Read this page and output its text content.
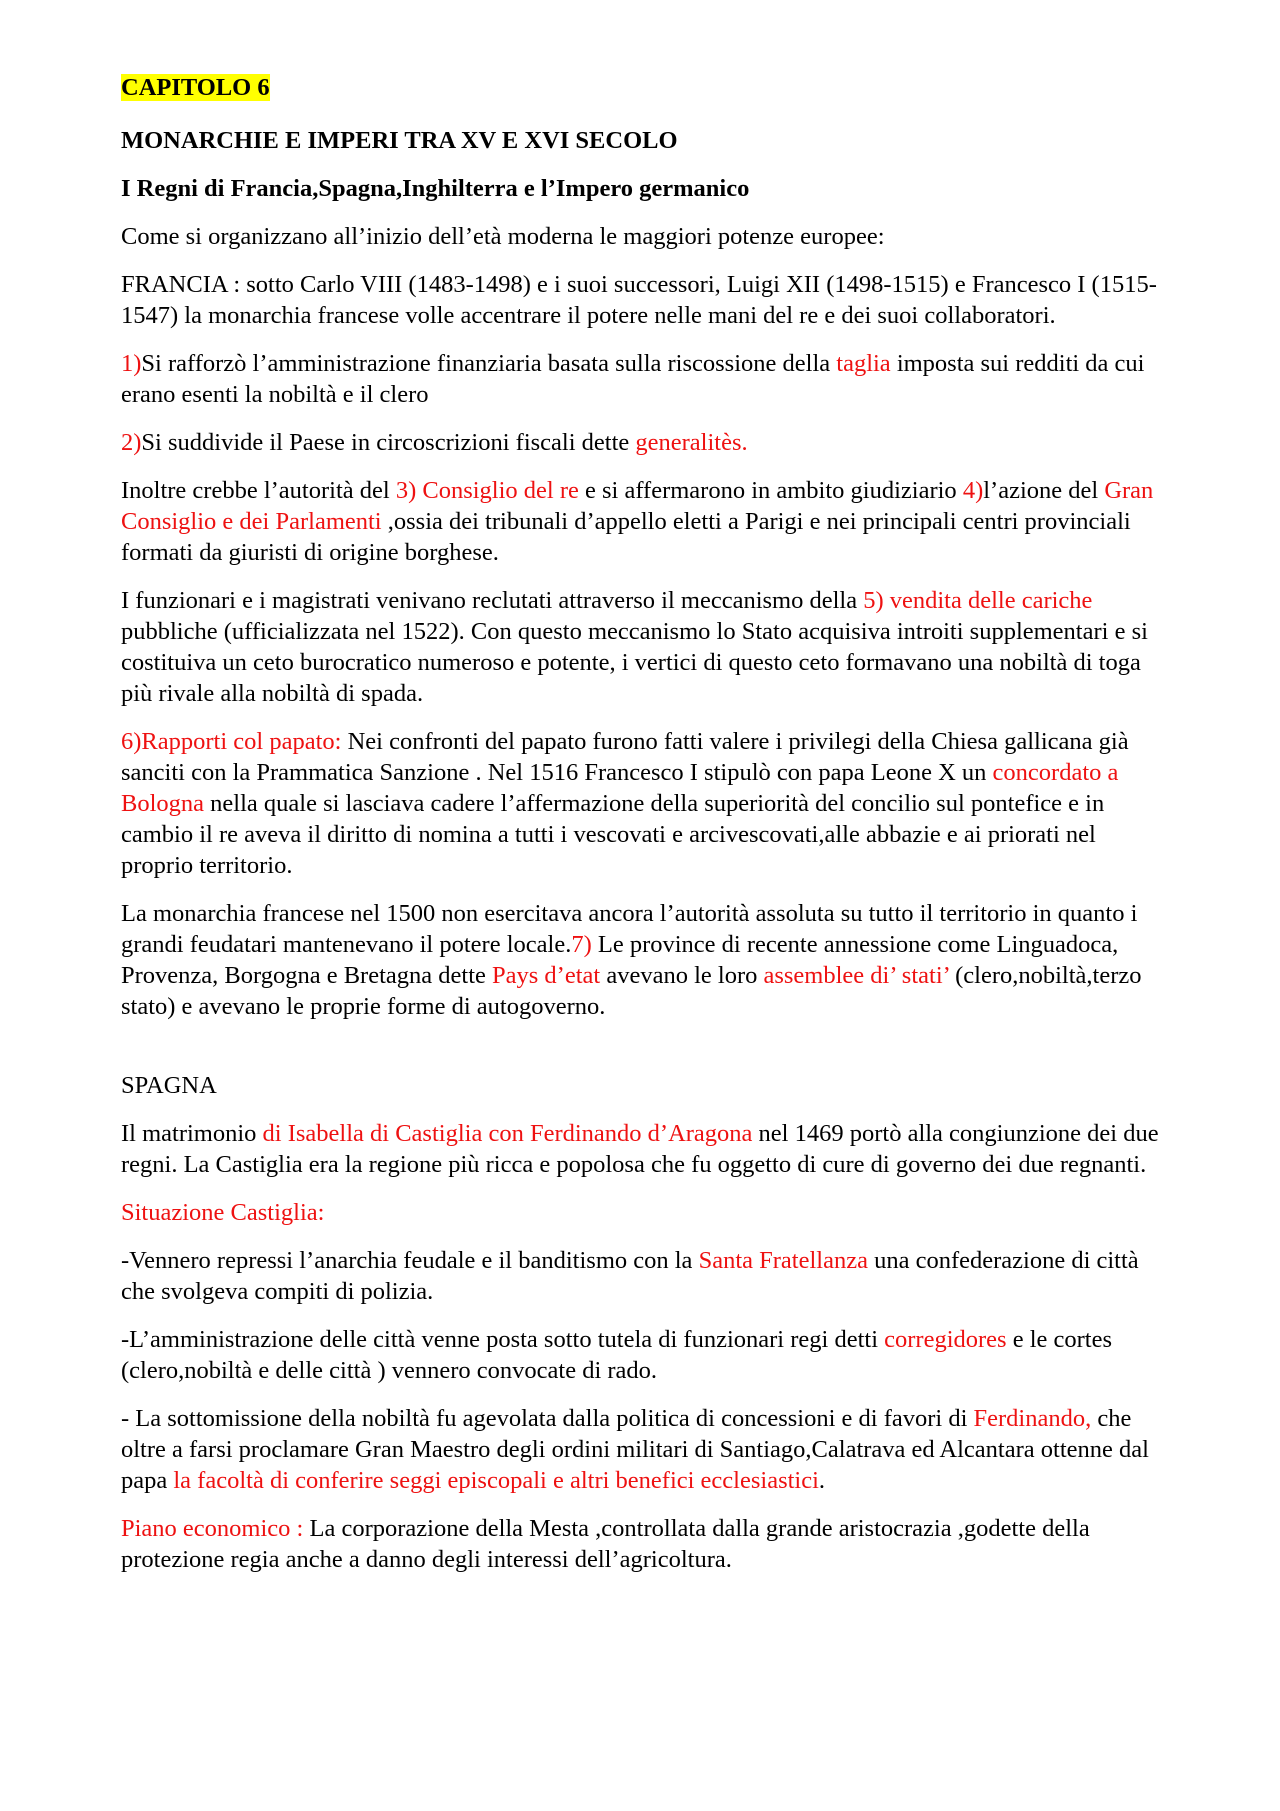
CAPITOLO 6

MONARCHIE E IMPERI TRA XV E XVI SECOLO

I Regni di Francia,Spagna,Inghilterra e l’Impero germanico

Come si organizzano all’inizio dell’età moderna le maggiori potenze europee:

FRANCIA : sotto Carlo VIII (1483-1498) e i suoi successori, Luigi XII (1498-1515) e Francesco I (1515-1547) la monarchia francese volle accentrare il potere nelle mani del re e dei suoi collaboratori.

1)Si rafforzò l’amministrazione finanziaria basata sulla riscossione della taglia imposta sui redditi da cui erano esenti la nobiltà e il clero

2)Si suddivide il Paese in circoscrizioni fiscali dette generalitès.

Inoltre crebbe l’autorità del 3) Consiglio del re e si affermarono in ambito giudiziario 4)l’azione del Gran Consiglio e dei Parlamenti ,ossia dei tribunali d’appello eletti a Parigi e nei principali centri provinciali formati da giuristi di origine borghese.

I funzionari e i magistrati venivano reclutati attraverso il meccanismo della 5) vendita delle cariche pubbliche (ufficializzata nel 1522). Con questo meccanismo lo Stato acquisiva introiti supplementari e si costituiva un ceto burocratico numeroso e potente, i vertici di questo ceto formavano una nobiltà di toga più rivale alla nobiltà di spada.

6)Rapporti col papato: Nei confronti del papato furono fatti valere i privilegi della Chiesa gallicana già sanciti con la Prammatica Sanzione . Nel 1516 Francesco I stipulò con papa Leone X un concordato a Bologna nella quale si lasciava cadere l’affermazione della superiorità del concilio sul pontefice e in cambio il re aveva il diritto di nomina a tutti i vescovati e arcivescovati,alle abbazie e ai priorati nel proprio territorio.

La monarchia francese nel 1500 non esercitava ancora l’autorità assoluta su tutto il territorio in quanto i grandi feudatari mantenevano il potere locale.7) Le province di recente annessione come Linguadoca, Provenza, Borgogna e Bretagna dette Pays d’etat avevano le loro assemblee di’ stati’ (clero,nobiltà,terzo stato) e avevano le proprie forme di autogoverno.

SPAGNA

Il matrimonio di Isabella di Castiglia con Ferdinando d’Aragona nel 1469 portò alla congiunzione dei due regni. La Castiglia era la regione più ricca e popolosa che fu oggetto di cure di governo dei due regnanti.

Situazione Castiglia:

-Vennero repressi l’anarchia feudale e il banditismo con la Santa Fratellanza una confederazione di città che svolgeva compiti di polizia.

-L’amministrazione delle città venne posta sotto tutela di funzionari regi detti corregidores e le cortes (clero,nobiltà e delle città ) vennero convocate di rado.

- La sottomissione della nobiltà fu agevolata dalla politica di concessioni e di favori di Ferdinando, che oltre a farsi proclamare Gran Maestro degli ordini militari di Santiago,Calatrava ed Alcantara ottenne dal papa la facoltà di conferire seggi episcopali e altri benefici ecclesiastici.

Piano economico : La corporazione della Mesta ,controllata dalla grande aristocrazia ,godette della protezione regia anche a danno degli interessi dell’agricoltura.
